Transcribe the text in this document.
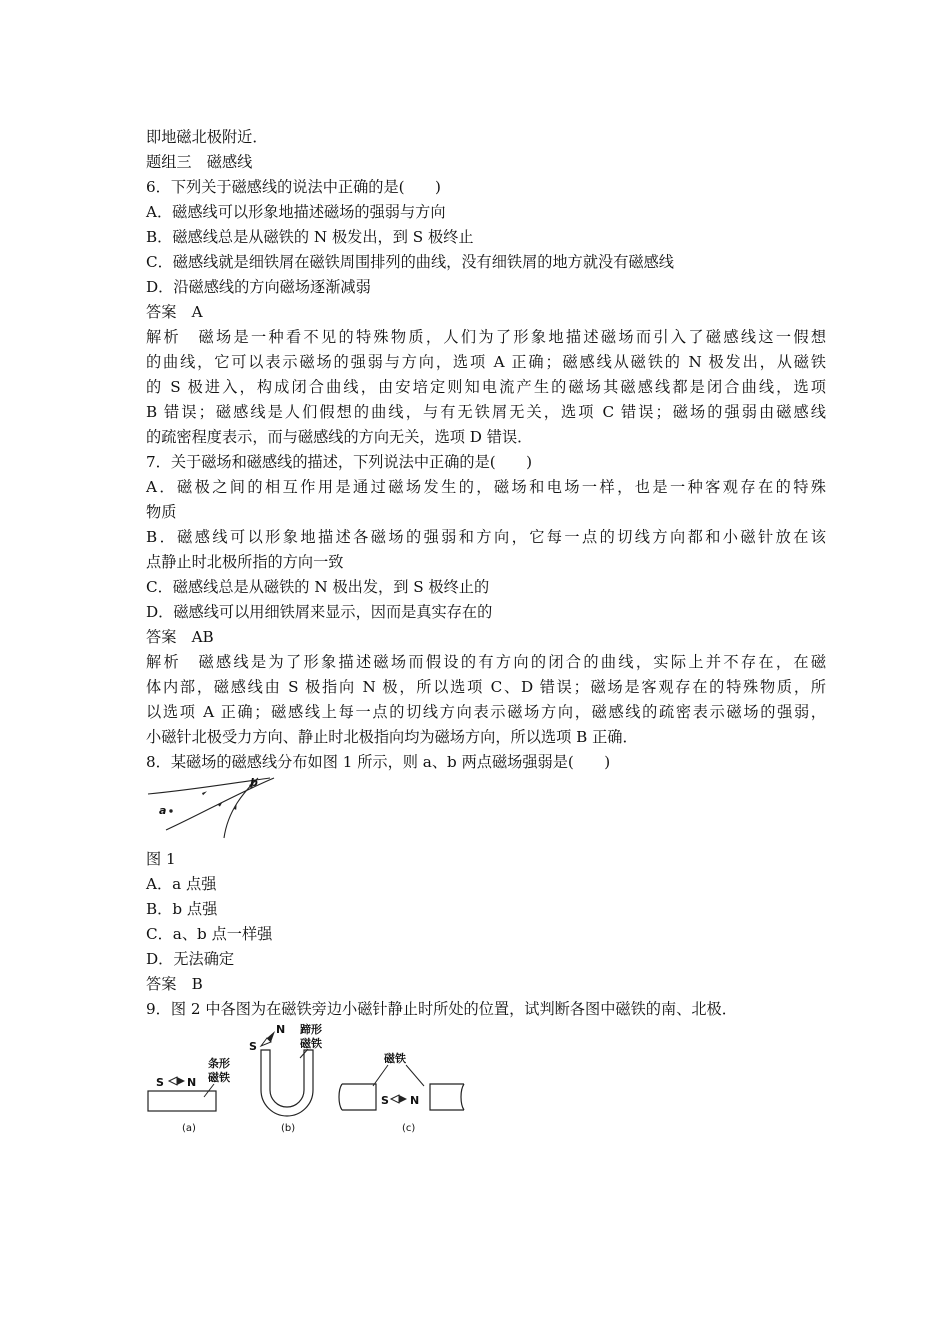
即地磁北极附近．
题组三　磁感线
6．下列关于磁感线的说法中正确的是(　　)
A．磁感线可以形象地描述磁场的强弱与方向
B．磁感线总是从磁铁的 N 极发出，到 S 极终止
C．磁感线就是细铁屑在磁铁周围排列的曲线，没有细铁屑的地方就没有磁感线
D．沿磁感线的方向磁场逐渐减弱
答案　A
解析　磁场是一种看不见的特殊物质，人们为了形象地描述磁场而引入了磁感线这一假想
的曲线，它可以表示磁场的强弱与方向，选项 A 正确；磁感线从磁铁的 N 极发出，从磁铁
的 S 极进入，构成闭合曲线，由安培定则知电流产生的磁场其磁感线都是闭合曲线，选项
B 错误；磁感线是人们假想的曲线，与有无铁屑无关，选项 C 错误；磁场的强弱由磁感线
的疏密程度表示，而与磁感线的方向无关，选项 D 错误．
7．关于磁场和磁感线的描述，下列说法中正确的是(　　)
A．磁极之间的相互作用是通过磁场发生的，磁场和电场一样，也是一种客观存在的特殊
物质
B．磁感线可以形象地描述各磁场的强弱和方向，它每一点的切线方向都和小磁针放在该
点静止时北极所指的方向一致
C．磁感线总是从磁铁的 N 极出发，到 S 极终止的
D．磁感线可以用细铁屑来显示，因而是真实存在的
答案　AB
解析　磁感线是为了形象描述磁场而假设的有方向的闭合的曲线，实际上并不存在，在磁
体内部，磁感线由 S 极指向 N 极，所以选项 C、D 错误；磁场是客观存在的特殊物质，所
以选项 A 正确；磁感线上每一点的切线方向表示磁场方向，磁感线的疏密表示磁场的强弱，
小磁针北极受力方向、静止时北极指向均为磁场方向，所以选项 B 正确．
8．某磁场的磁感线分布如图 1 所示，则 a、b 两点磁场强弱是(　　)
a
b
图 1
A．a 点强
B．b 点强
C．a、b 点一样强
D．无法确定
答案　B
9．图 2 中各图为在磁铁旁边小磁针静止时所处的位置，试判断各图中磁铁的南、北极．
S N
条形
磁铁
(a)
S
N 蹄形
磁铁
(b)
磁铁
S N
(c)
